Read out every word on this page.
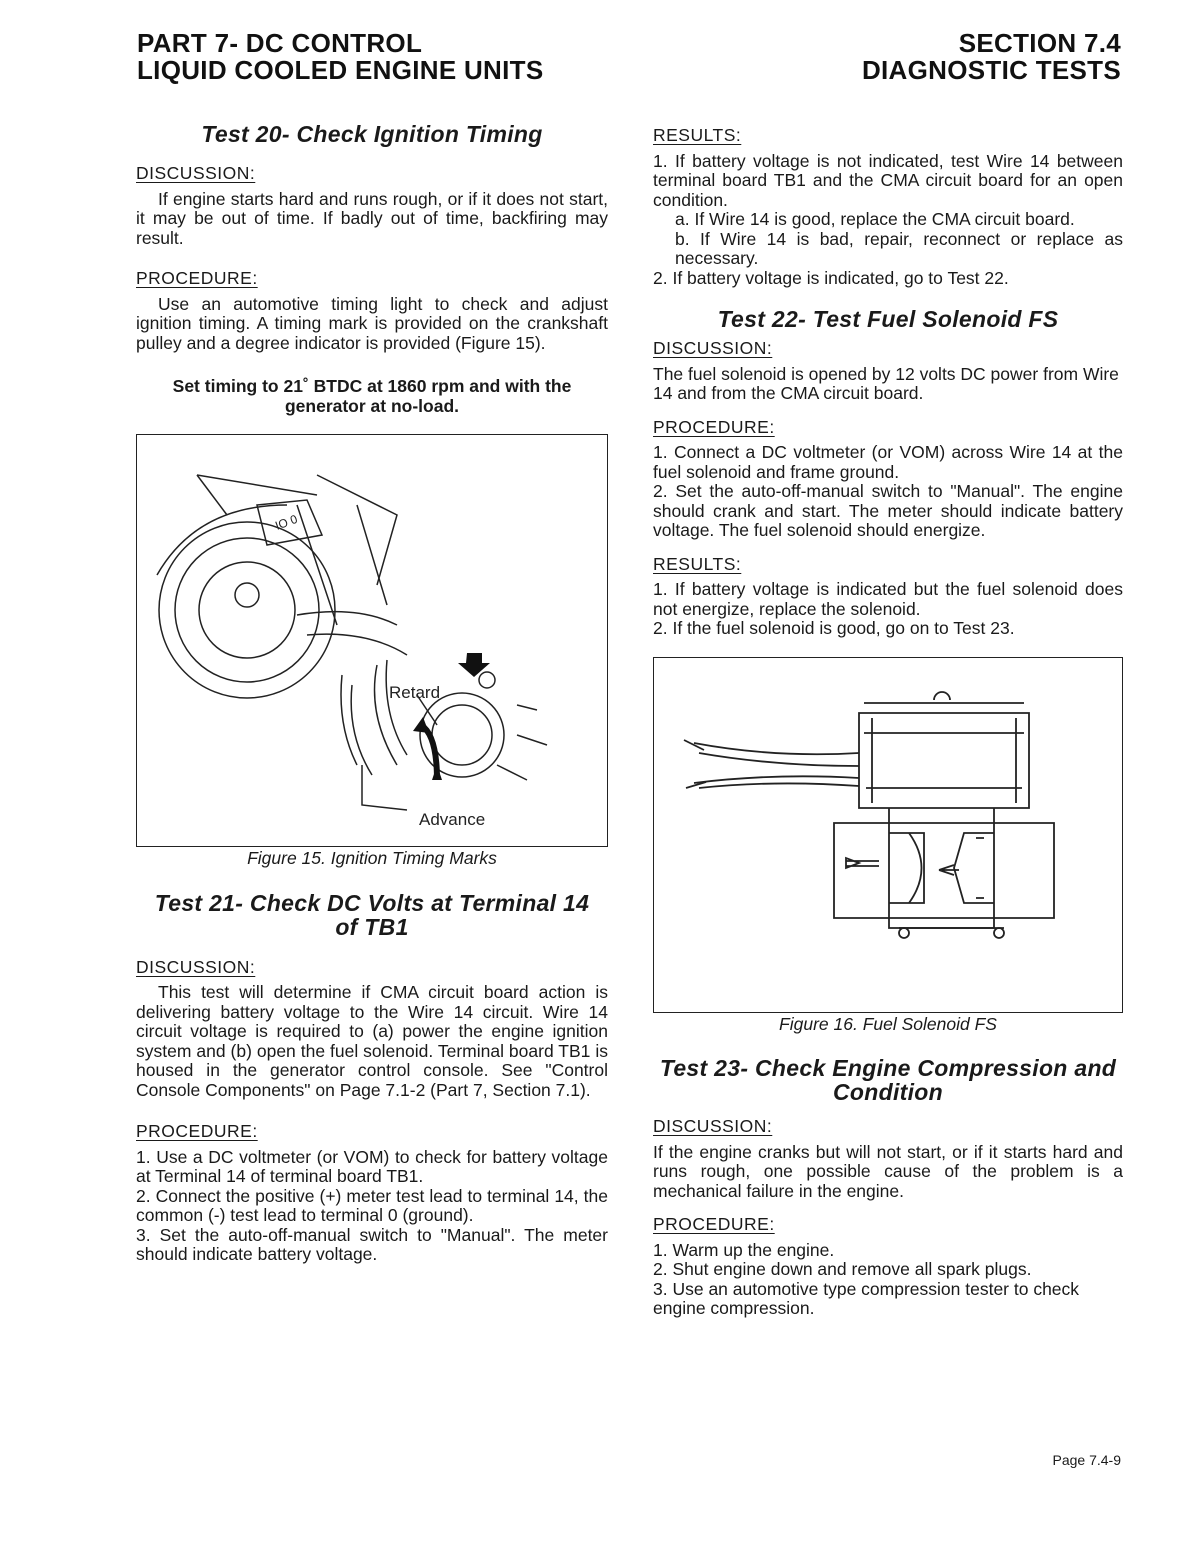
PART 7- DC CONTROL
LIQUID COOLED ENGINE UNITS
SECTION 7.4
DIAGNOSTIC TESTS
Test 20- Check Ignition Timing
DISCUSSION:

If engine starts hard and runs rough, or if it does not start, it may be out of time. If badly out of time, backfiring may result.

PROCEDURE:

Use an automotive timing light to check and adjust ignition timing. A timing mark is provided on the crankshaft pulley and a degree indicator is provided (Figure 15).

Set timing to 21˚ BTDC at 1860 rpm and with the
generator at no-load.
IO 0
Retard
Advance
Figure 15. Ignition Timing Marks
Test 21- Check DC Volts at Terminal 14
of TB1
DISCUSSION:

This test will determine if CMA circuit board action is delivering battery voltage to the Wire 14 circuit. Wire 14 circuit voltage is required to (a) power the engine ignition system and (b) open the fuel solenoid. Terminal board TB1 is housed in the generator control console. See "Control Console Components" on Page 7.1-2 (Part 7, Section 7.1).

PROCEDURE:

1. Use a DC voltmeter (or VOM) to check for battery voltage at Terminal 14 of terminal board TB1.

2. Connect the positive (+) meter test lead to terminal 14, the common (-) test lead to terminal 0 (ground).

3. Set the auto-off-manual switch to "Manual". The meter should indicate battery voltage.

RESULTS:

1. If battery voltage is not indicated, test Wire 14 between terminal board TB1 and the CMA circuit board for an open condition.

a. If Wire 14 is good, replace the CMA circuit board.

b. If Wire 14 is bad, repair, reconnect or replace as necessary.

2. If battery voltage is indicated, go to Test 22.

Test 22- Test Fuel Solenoid FS
DISCUSSION:

The fuel solenoid is opened by 12 volts DC power from Wire 14 and from the CMA circuit board.

PROCEDURE:

1. Connect a DC voltmeter (or VOM) across Wire 14 at the fuel solenoid and frame ground.

2. Set the auto-off-manual switch to "Manual". The engine should crank and start. The meter should indicate battery voltage. The fuel solenoid should energize.

RESULTS:

1. If battery voltage is indicated but the fuel solenoid does not energize, replace the solenoid.

2. If the fuel solenoid is good, go on to Test 23.

Figure 16. Fuel Solenoid FS
Test 23- Check Engine Compression and
Condition
DISCUSSION:

If the engine cranks but will not start, or if it starts hard and runs rough, one possible cause of the problem is a mechanical failure in the engine.

PROCEDURE:

1. Warm up the engine.

2. Shut engine down and remove all spark plugs.

3. Use an automotive type compression tester to check engine compression.

Page 7.4-9
